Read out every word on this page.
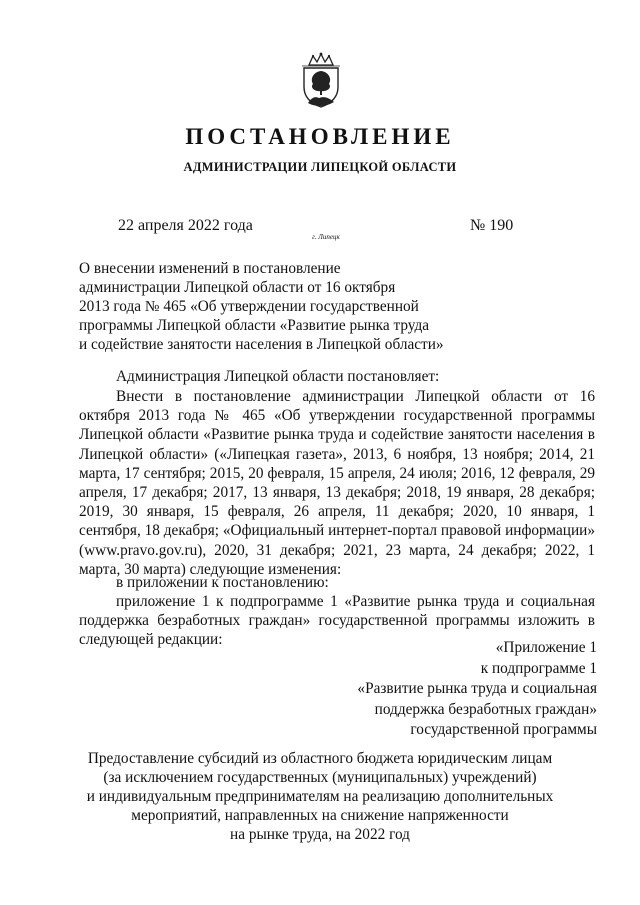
ПОСТАНОВЛЕНИЕ
АДМИНИСТРАЦИИ ЛИПЕЦКОЙ ОБЛАСТИ
22 апреля 2022 года
г. Липецк
№ 190
О внесении изменений в постановление
администрации Липецкой области от 16 октября
2013 года № 465 «Об утверждении государственной
программы Липецкой области «Развитие рынка труда
и содействие занятости населения в Липецкой области»
Администрация Липецкой области постановляет:
Внести в постановление администрации Липецкой области от 16 октября 2013 года № 465 «Об утверждении государственной программы Липецкой области «Развитие рынка труда и содействие занятости населения в Липецкой области» («Липецкая газета», 2013, 6 ноября, 13 ноября; 2014, 21 марта, 17 сентября; 2015, 20 февраля, 15 апреля, 24 июля; 2016, 12 февраля, 29 апреля, 17 декабря; 2017, 13 января, 13 декабря; 2018, 19 января, 28 декабря; 2019, 30 января, 15 февраля, 26 апреля, 11 декабря; 2020, 10 января, 1 сентября, 18 декабря; «Официальный интернет-портал правовой информации» (www.pravo.gov.ru), 2020, 31 декабря; 2021, 23 марта, 24 декабря; 2022, 1 марта, 30 марта) следующие изменения:
в приложении к постановлению:
приложение 1 к подпрограмме 1 «Развитие рынка труда и социальная поддержка безработных граждан» государственной программы изложить в следующей редакции:	«Приложение 1
к подпрограмме 1
«Развитие рынка труда и социальная
поддержка безработных граждан»
государственной программы
Предоставление субсидий из областного бюджета юридическим лицам
(за исключением государственных (муниципальных) учреждений)
и индивидуальным предпринимателям на реализацию дополнительных
мероприятий, направленных на снижение напряженности
на рынке труда, на 2022 год
